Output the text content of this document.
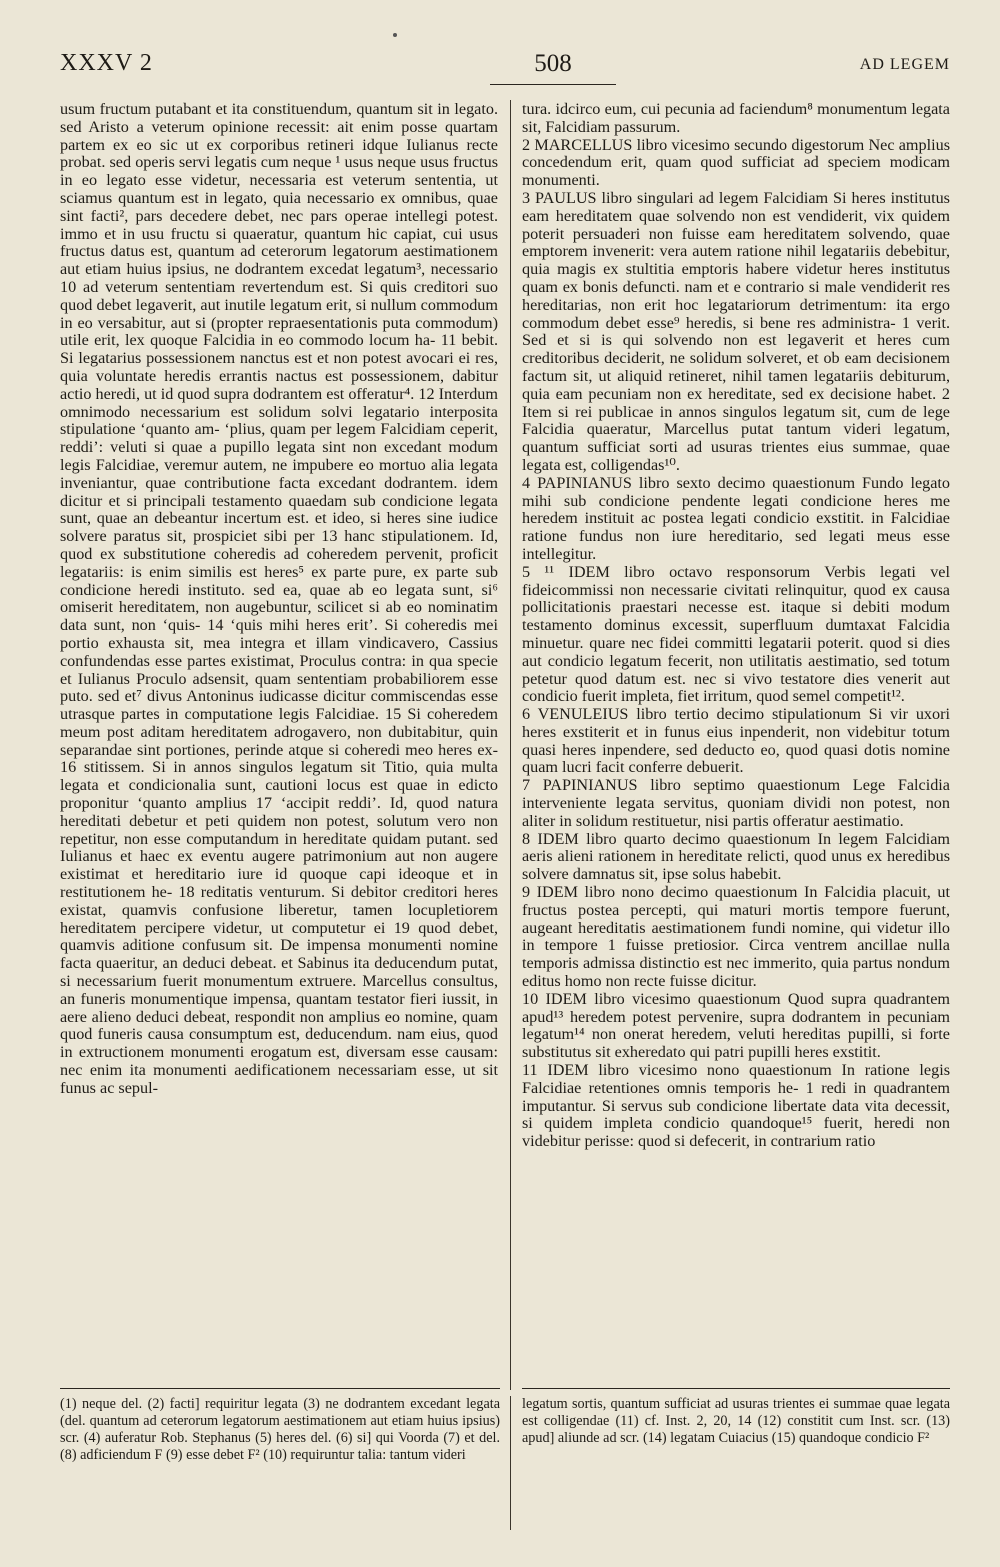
XXXV 2	508	AD LEGEM

usum fructum putabant et ita constituendum, quantum sit in legato. sed Aristo a veterum opinione recessit: ait enim posse quartam partem ex eo sic ut ex corporibus retineri idque Iulianus recte probat. sed operis servi legatis cum neque ¹ usus neque usus fructus in eo legato esse videtur, necessaria est veterum sententia, ut sciamus quantum est in legato, quia necessario ex omnibus, quae sint facti², pars decedere debet, nec pars operae intellegi potest. immo et in usu fructu si quaeratur, quantum hic capiat, cui usus fructus datus est, quantum ad ceterorum legatorum aestimationem aut etiam huius ipsius, ne dodrantem excedat legatum³, necessario 10 ad veterum sententiam revertendum est. Si quis creditori suo quod debet legaverit, aut inutile legatum erit, si nullum commodum in eo versabitur, aut si (propter repraesentationis puta commodum) utile erit, lex quoque Falcidia in eo commodo locum ha- 11 bebit. Si legatarius possessionem nanctus est et non potest avocari ei res, quia voluntate heredis errantis nactus est possessionem, dabitur actio heredi, ut id quod supra dodrantem est offeratur⁴. 12 Interdum omnimodo necessarium est solidum solvi legatario interposita stipulatione ‘quanto am- ‘plius, quam per legem Falcidiam ceperit, reddi’: veluti si quae a pupillo legata sint non excedant modum legis Falcidiae, veremur autem, ne impubere eo mortuo alia legata inveniantur, quae contributione facta excedant dodrantem. idem dicitur et si principali testamento quaedam sub condicione legata sunt, quae an debeantur incertum est. et ideo, si heres sine iudice solvere paratus sit, prospiciet sibi per 13 hanc stipulationem. Id, quod ex substitutione coheredis ad coheredem pervenit, proficit legatariis: is enim similis est heres⁵ ex parte pure, ex parte sub condicione heredi instituto. sed ea, quae ab eo legata sunt, si⁶ omiserit hereditatem, non augebuntur, scilicet si ab eo nominatim data sunt, non ‘quis- 14 ‘quis mihi heres erit’. Si coheredis mei portio exhausta sit, mea integra et illam vindicavero, Cassius confundendas esse partes existimat, Proculus contra: in qua specie et Iulianus Proculo adsensit, quam sententiam probabiliorem esse puto. sed et⁷ divus Antoninus iudicasse dicitur commiscendas esse utrasque partes in computatione legis Falcidiae. 15 Si coheredem meum post aditam hereditatem adrogavero, non dubitabitur, quin separandae sint portiones, perinde atque si coheredi meo heres ex- 16 stitissem. Si in annos singulos legatum sit Titio, quia multa legata et condicionalia sunt, cautioni locus est quae in edicto proponitur ‘quanto amplius 17 ‘accipit reddi’. Id, quod natura hereditati debetur et peti quidem non potest, solutum vero non repetitur, non esse computandum in hereditate quidam putant. sed Iulianus et haec ex eventu augere patrimonium aut non augere existimat et hereditario iure id quoque capi ideoque et in restitutionem he- 18 reditatis venturum. Si debitor creditori heres existat, quamvis confusione liberetur, tamen locupletiorem hereditatem percipere videtur, ut computetur ei 19 quod debet, quamvis aditione confusum sit. De impensa monumenti nomine facta quaeritur, an deduci debeat. et Sabinus ita deducendum putat, si necessarium fuerit monumentum extruere. Marcellus consultus, an funeris monumentique impensa, quantam testator fieri iussit, in aere alieno deduci debeat, respondit non amplius eo nomine, quam quod funeris causa consumptum est, deducendum. nam eius, quod in extructionem monumenti erogatum est, diversam esse causam: nec enim ita monumenti aedificationem necessariam esse, ut sit funus ac sepul-

tura. idcirco eum, cui pecunia ad faciendum⁸ monumentum legata sit, Falcidiam passurum.

2 MARCELLUS libro vicesimo secundo digestorum Nec amplius concedendum erit, quam quod sufficiat ad speciem modicam monumenti.

3 PAULUS libro singulari ad legem Falcidiam Si heres institutus eam hereditatem quae solvendo non est vendiderit, vix quidem poterit persuaderi non fuisse eam hereditatem solvendo, quae emptorem invenerit: vera autem ratione nihil legatariis debebitur, quia magis ex stultitia emptoris habere videtur heres institutus quam ex bonis defuncti. nam et e contrario si male vendiderit res hereditarias, non erit hoc legatariorum detrimentum: ita ergo commodum debet esse⁹ heredis, si bene res administra- 1 verit. Sed et si is qui solvendo non est legaverit et heres cum creditoribus deciderit, ne solidum solveret, et ob eam decisionem factum sit, ut aliquid retineret, nihil tamen legatariis debiturum, quia eam pecuniam non ex hereditate, sed ex decisione habet. 2 Item si rei publicae in annos singulos legatum sit, cum de lege Falcidia quaeratur, Marcellus putat tantum videri legatum, quantum sufficiat sorti ad usuras trientes eius summae, quae legata est, colligendas¹⁰.

4 PAPINIANUS libro sexto decimo quaestionum Fundo legato mihi sub condicione pendente legati condicione heres me heredem instituit ac postea legati condicio exstitit. in Falcidiae ratione fundus non iure hereditario, sed legati meus esse intellegitur.

5 ¹¹ IDEM libro octavo responsorum Verbis legati vel fideicommissi non necessarie civitati relinquitur, quod ex causa pollicitationis praestari necesse est. itaque si debiti modum testamento dominus excessit, superfluum dumtaxat Falcidia minuetur. quare nec fidei committi legatarii poterit. quod si dies aut condicio legatum fecerit, non utilitatis aestimatio, sed totum petetur quod datum est. nec si vivo testatore dies venerit aut condicio fuerit impleta, fiet irritum, quod semel competit¹².

6 VENULEIUS libro tertio decimo stipulationum Si vir uxori heres exstiterit et in funus eius inpenderit, non videbitur totum quasi heres inpendere, sed deducto eo, quod quasi dotis nomine quam lucri facit conferre debuerit.

7 PAPINIANUS libro septimo quaestionum Lege Falcidia interveniente legata servitus, quoniam dividi non potest, non aliter in solidum restituetur, nisi partis offeratur aestimatio.

8 IDEM libro quarto decimo quaestionum In legem Falcidiam aeris alieni rationem in hereditate relicti, quod unus ex heredibus solvere damnatus sit, ipse solus habebit.

9 IDEM libro nono decimo quaestionum In Falcidia placuit, ut fructus postea percepti, qui maturi mortis tempore fuerunt, augeant hereditatis aestimationem fundi nomine, qui videtur illo in tempore 1 fuisse pretiosior. Circa ventrem ancillae nulla temporis admissa distinctio est nec immerito, quia partus nondum editus homo non recte fuisse dicitur.

10 IDEM libro vicesimo quaestionum Quod supra quadrantem apud¹³ heredem potest pervenire, supra dodrantem in pecuniam legatum¹⁴ non onerat heredem, veluti hereditas pupilli, si forte substitutus sit exheredato qui patri pupilli heres exstitit.

11 IDEM libro vicesimo nono quaestionum In ratione legis Falcidiae retentiones omnis temporis he- 1 redi in quadrantem imputantur. Si servus sub condicione libertate data vita decessit, si quidem impleta condicio quandoque¹⁵ fuerit, heredi non videbitur perisse: quod si defecerit, in contrarium ratio

(1) neque del. (2) facti] requiritur legata (3) ne dodrantem excedant legata (del. quantum ad ceterorum legatorum aestimationem aut etiam huius ipsius) scr. (4) auferatur Rob. Stephanus (5) heres del. (6) si] qui Voorda (7) et del. (8) adficiendum F (9) esse debet F² (10) requiruntur talia: tantum videri
legatum sortis, quantum sufficiat ad usuras trientes ei summae quae legata est colligendae (11) cf. Inst. 2, 20, 14 (12) constitit cum Inst. scr. (13) apud] aliunde ad scr. (14) legatam Cuiacius (15) quandoque condicio F²
